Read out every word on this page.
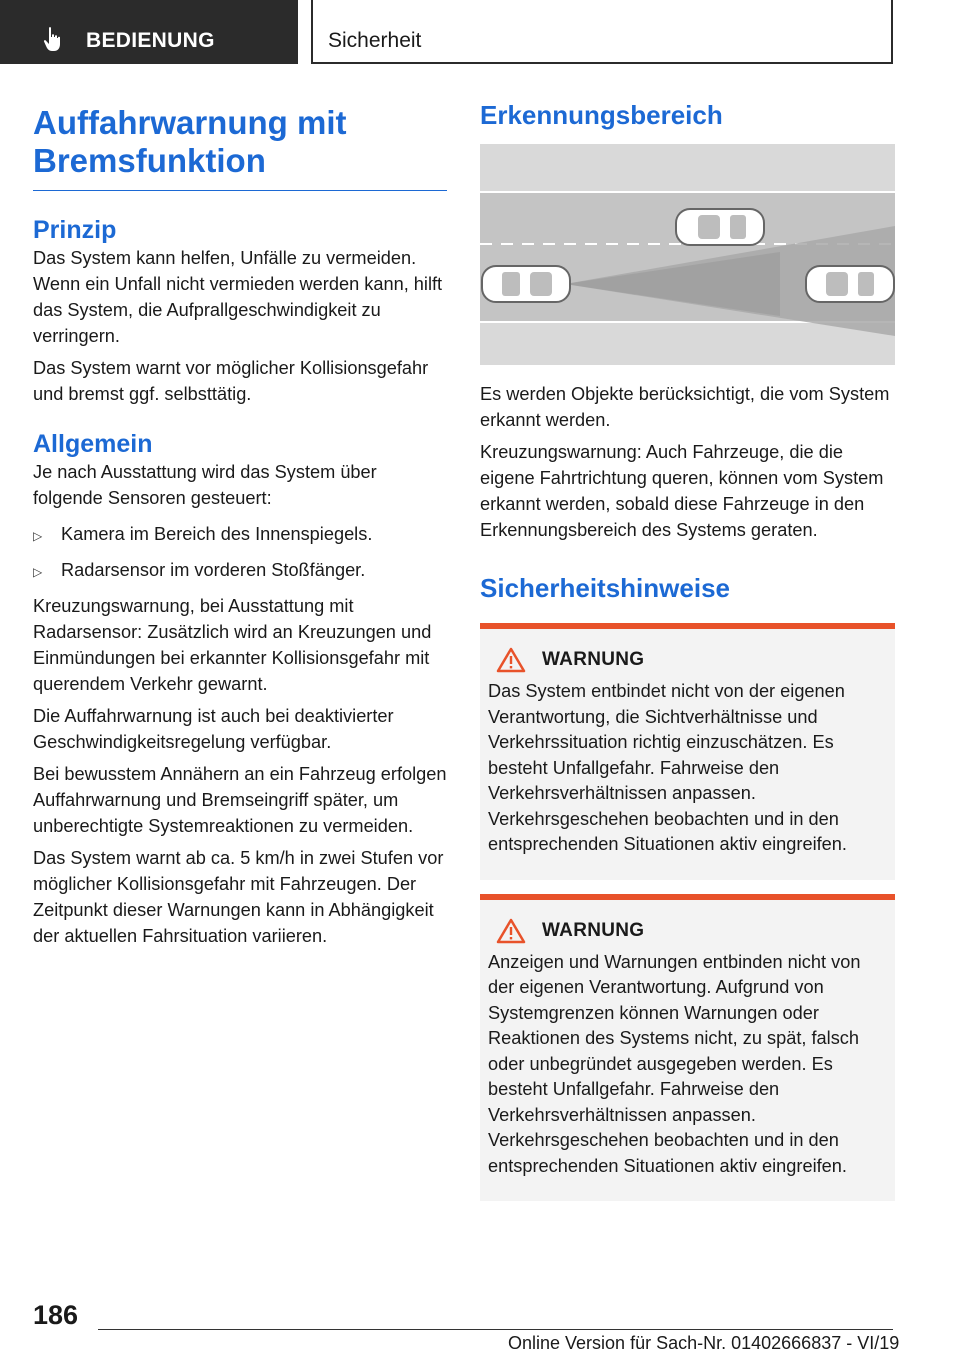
BEDIENUNG	Sicherheit
Auffahrwarnung mit Bremsfunktion
Prinzip

Das System kann helfen, Unfälle zu vermeiden. Wenn ein Unfall nicht vermieden werden kann, hilft das System, die Aufprallgeschwindigkeit zu verringern.

Das System warnt vor möglicher Kollisionsgefahr und bremst ggf. selbsttätig.

Allgemein

Je nach Ausstattung wird das System über folgende Sensoren gesteuert:

▷	Kamera im Bereich des Innenspiegels.
▷	Radarsensor im vorderen Stoßfänger.

Kreuzungswarnung, bei Ausstattung mit Radarsensor: Zusätzlich wird an Kreuzungen und Einmündungen bei erkannter Kollisionsgefahr mit querendem Verkehr gewarnt.

Die Auffahrwarnung ist auch bei deaktivierter Geschwindigkeitsregelung verfügbar.

Bei bewusstem Annähern an ein Fahrzeug erfolgen Auffahrwarnung und Bremseingriff später, um unberechtigte Systemreaktionen zu vermeiden.

Das System warnt ab ca. 5 km/h in zwei Stufen vor möglicher Kollisionsgefahr mit Fahrzeugen. Der Zeitpunkt dieser Warnungen kann in Abhängigkeit der aktuellen Fahrsituation variieren.

Erkennungsbereich

Es werden Objekte berücksichtigt, die vom System erkannt werden.

Kreuzungswarnung: Auch Fahrzeuge, die die eigene Fahrtrichtung queren, können vom System erkannt werden, sobald diese Fahrzeuge in den Erkennungsbereich des Systems geraten.

Sicherheitshinweise
WARNUNG

Das System entbindet nicht von der eigenen Verantwortung, die Sichtverhältnisse und Verkehrssituation richtig einzuschätzen. Es besteht Unfallgefahr. Fahrweise den Verkehrsverhältnissen anpassen. Verkehrsgeschehen beobachten und in den entsprechenden Situationen aktiv eingreifen.

WARNUNG

Anzeigen und Warnungen entbinden nicht von der eigenen Verantwortung. Aufgrund von Systemgrenzen können Warnungen oder Reaktionen des Systems nicht, zu spät, falsch oder unbegründet ausgegeben werden. Es besteht Unfallgefahr. Fahrweise den Verkehrsverhältnissen anpassen. Verkehrsgeschehen beobachten und in den entsprechenden Situationen aktiv eingreifen.

186
Online Version für Sach-Nr. 01402666837 - VI/19
